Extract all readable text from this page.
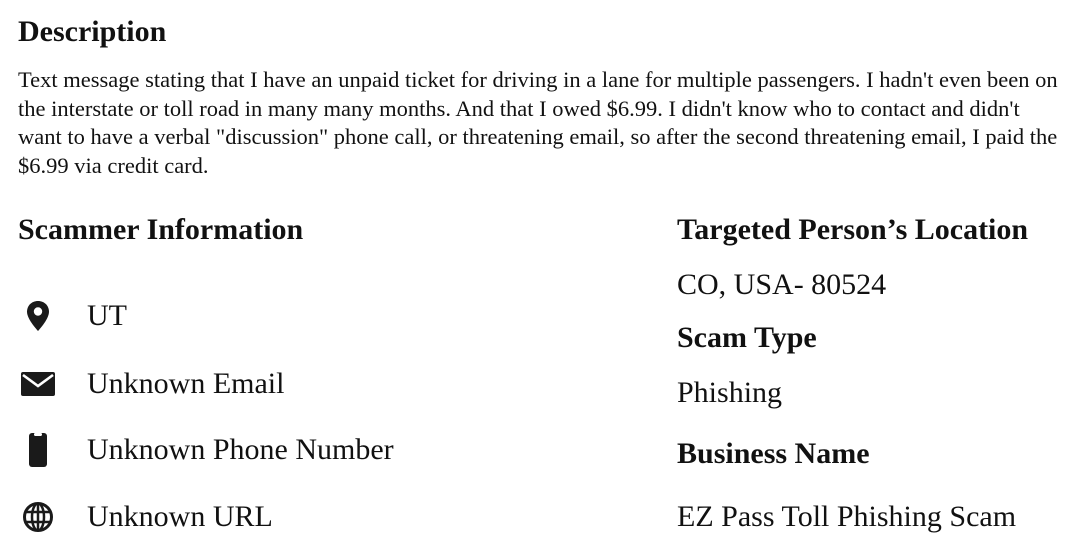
Description

Text message stating that I have an unpaid ticket for driving in a lane for multiple passengers. I hadn't even been on the interstate or toll road in many many months. And that I owed $6.99. I didn't know who to contact and didn't want to have a verbal "discussion" phone call, or threatening email, so after the second threatening email, I paid the $6.99 via credit card.

Scammer Information
UT
Unknown Email
Unknown Phone Number
Unknown URL
Targeted Person’s Location
CO, USA- 80524
Scam Type
Phishing
Business Name
EZ Pass Toll Phishing Scam
